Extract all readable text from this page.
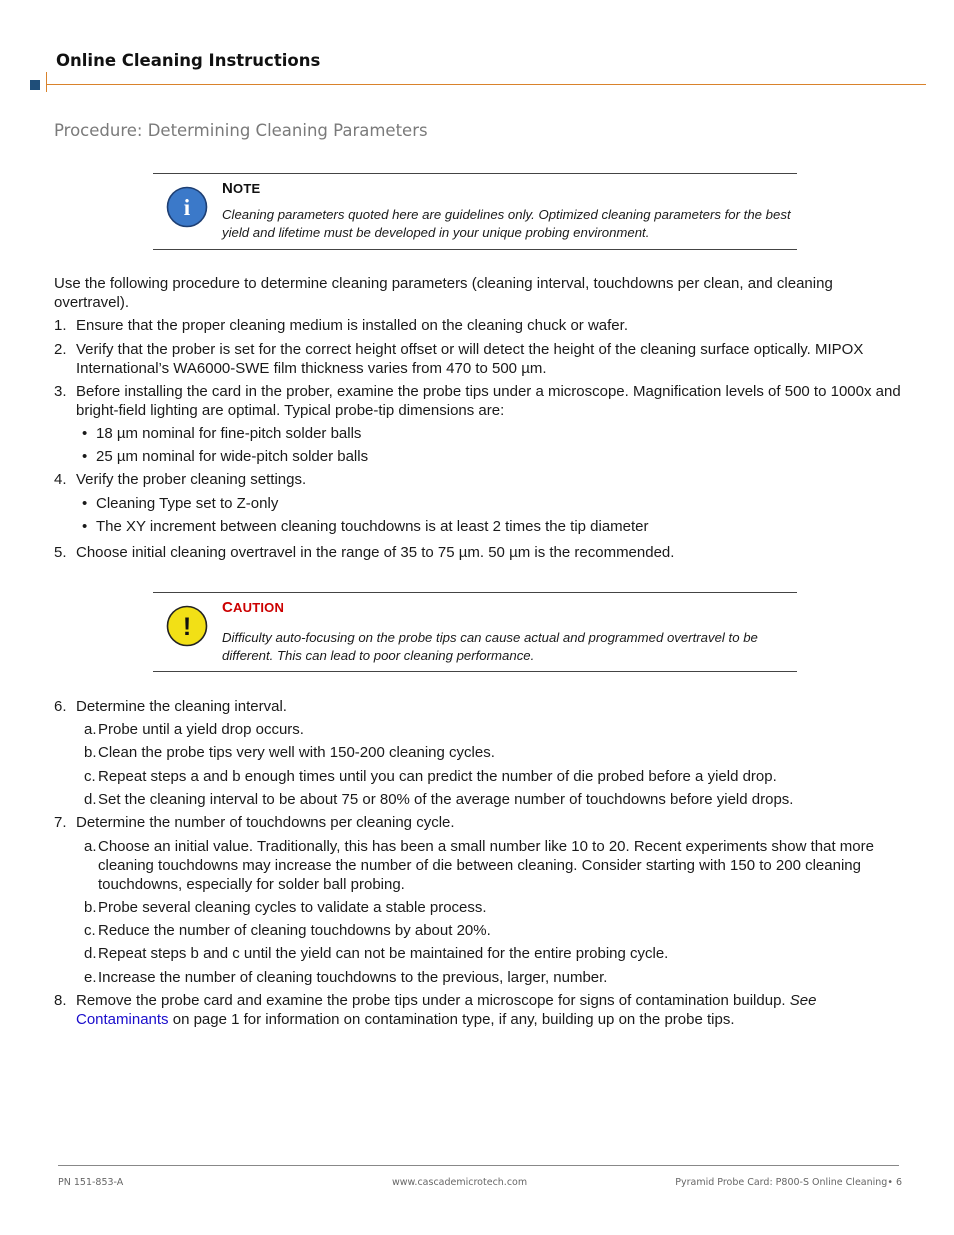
Online Cleaning Instructions
Procedure: Determining Cleaning Parameters
i
NOTE
Cleaning parameters quoted here are guidelines only. Optimized cleaning parameters for the best yield and lifetime must be developed in your unique probing environment.
Use the following procedure to determine cleaning parameters (cleaning interval, touchdowns per clean, and cleaning
overtravel).
1. Ensure that the proper cleaning medium is installed on the cleaning chuck or wafer.
2. Verify that the prober is set for the correct height offset or will detect the height of the cleaning surface optically. MIPOX International’s WA6000-SWE film thickness varies from 470 to 500 µm.
3. Before installing the card in the prober, examine the probe tips under a microscope. Magnification levels of 500 to 1000x and bright-field lighting are optimal. Typical probe-tip dimensions are:
• 18 µm nominal for fine-pitch solder balls
• 25 µm nominal for wide-pitch solder balls
4. Verify the prober cleaning settings.
• Cleaning Type set to Z-only
• The XY increment between cleaning touchdowns is at least 2 times the tip diameter
5. Choose initial cleaning overtravel in the range of 35 to 75 µm. 50 µm is the recommended.
!
CAUTION
Difficulty auto-focusing on the probe tips can cause actual and programmed overtravel to be different. This can lead to poor cleaning performance.
6. Determine the cleaning interval.
a. Probe until a yield drop occurs.
b. Clean the probe tips very well with 150-200 cleaning cycles.
c. Repeat steps a and b enough times until you can predict the number of die probed before a yield drop.
d. Set the cleaning interval to be about 75 or 80% of the average number of touchdowns before yield drops.
7. Determine the number of touchdowns per cleaning cycle.
a. Choose an initial value. Traditionally, this has been a small number like 10 to 20. Recent experiments show that more cleaning touchdowns may increase the number of die between cleaning. Consider starting with 150 to 200 cleaning touchdowns, especially for solder ball probing.
b. Probe several cleaning cycles to validate a stable process.
c. Reduce the number of cleaning touchdowns by about 20%.
d. Repeat steps b and c until the yield can not be maintained for the entire probing cycle.
e. Increase the number of cleaning touchdowns to the previous, larger, number.
8. Remove the probe card and examine the probe tips under a microscope for signs of contamination buildup. See
Contaminants on page 1 for information on contamination type, if any, building up on the probe tips.
PN 151-853-A	www.cascademicrotech.com	Pyramid Probe Card: P800-S Online Cleaning• 6
